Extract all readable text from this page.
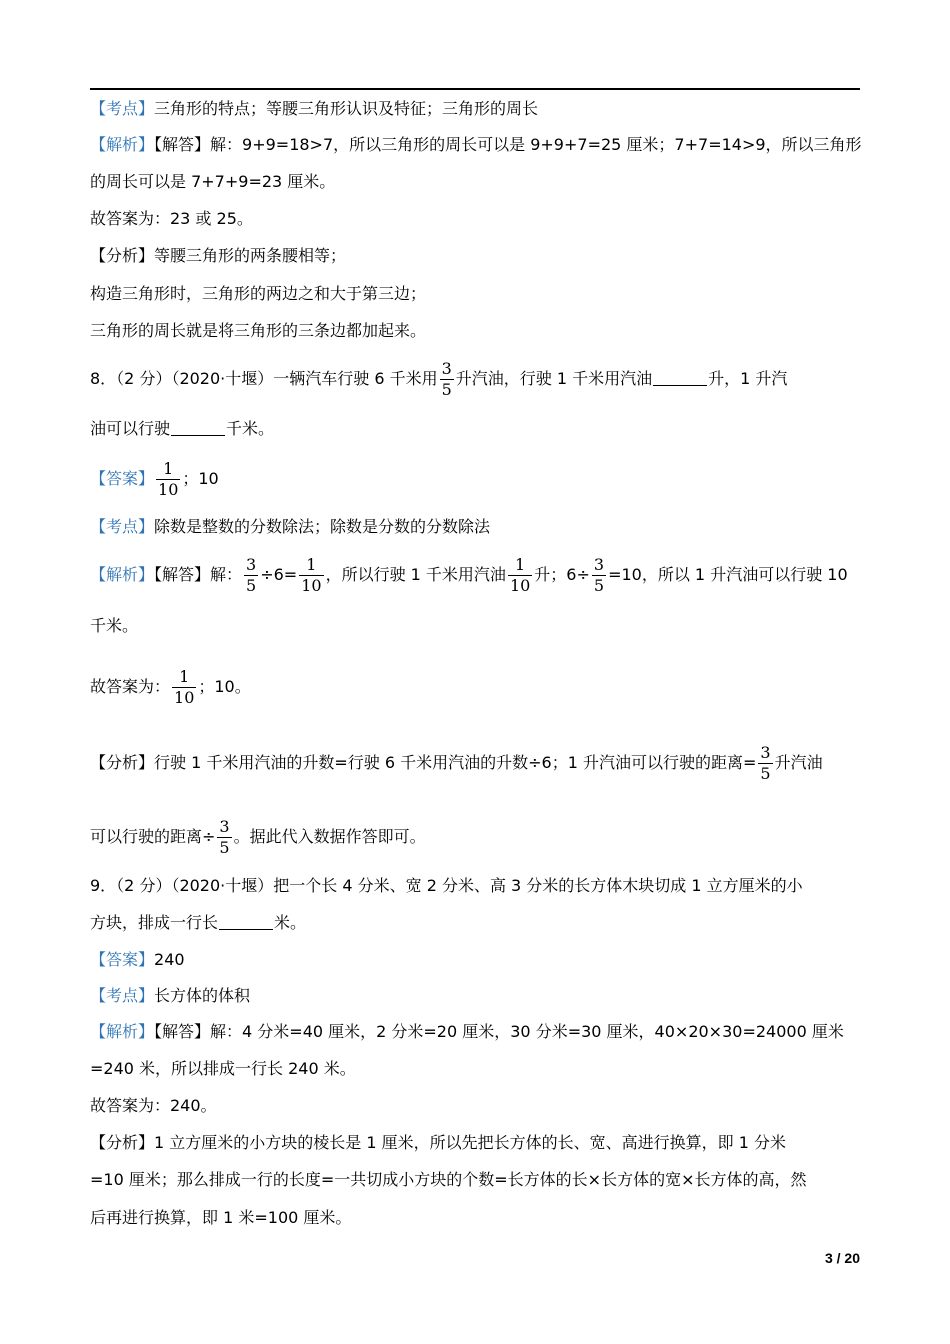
【考点】三角形的特点；等腰三角形认识及特征；三角形的周长
【解析】【解答】解：9+9=18>7，所以三角形的周长可以是 9+9+7=25 厘米；7+7=14>9，所以三角形
的周长可以是 7+7+9=23 厘米。
故答案为：23 或 25。
【分析】等腰三角形的两条腰相等；
构造三角形时，三角形的两边之和大于第三边；
三角形的周长就是将三角形的三条边都加起来。
8．（2 分）（2020·十堰）一辆汽车行驶 6 千米用 $\frac{3}{5}$ 升汽油，行驶 1 千米用汽油	升，1 升汽
油可以行驶	千米。
【答案】 $\frac{1}{10}$ ；10
【考点】除数是整数的分数除法；除数是分数的分数除法
【解析】【解答】解： $\frac{3}{5} \div 6= \frac{1}{10}$ ，所以行驶 1 千米用汽油 $\frac{1}{10}$ 升；$6\div \frac{3}{5} =10$，所以 1 升汽油可以行驶 10
千米。
故答案为： $\frac{1}{10}$ ；10。
【分析】行驶 1 千米用汽油的升数=行驶 6 千米用汽油的升数÷6；1 升汽油可以行驶的距离= $\frac{3}{5}$ 升汽油
可以行驶的距离÷ $\frac{3}{5}$ 。据此代入数据作答即可。
9．（2 分）（2020·十堰）把一个长 4 分米、宽 2 分米、高 3 分米的长方体木块切成 1 立方厘米的小
方块，排成一行长	米。
【答案】240
【考点】长方体的体积
【解析】【解答】解：4 分米=40 厘米，2 分米=20 厘米，30 分米=30 厘米，40×20×30=24000 厘米
=240 米，所以排成一行长 240 米。
故答案为：240。
【分析】1 立方厘米的小方块的棱长是 1 厘米，所以先把长方体的长、宽、高进行换算，即 1 分米
=10 厘米；那么排成一行的长度=一共切成小方块的个数=长方体的长×长方体的宽×长方体的高，然
后再进行换算，即 1 米=100 厘米。
3 / 20
